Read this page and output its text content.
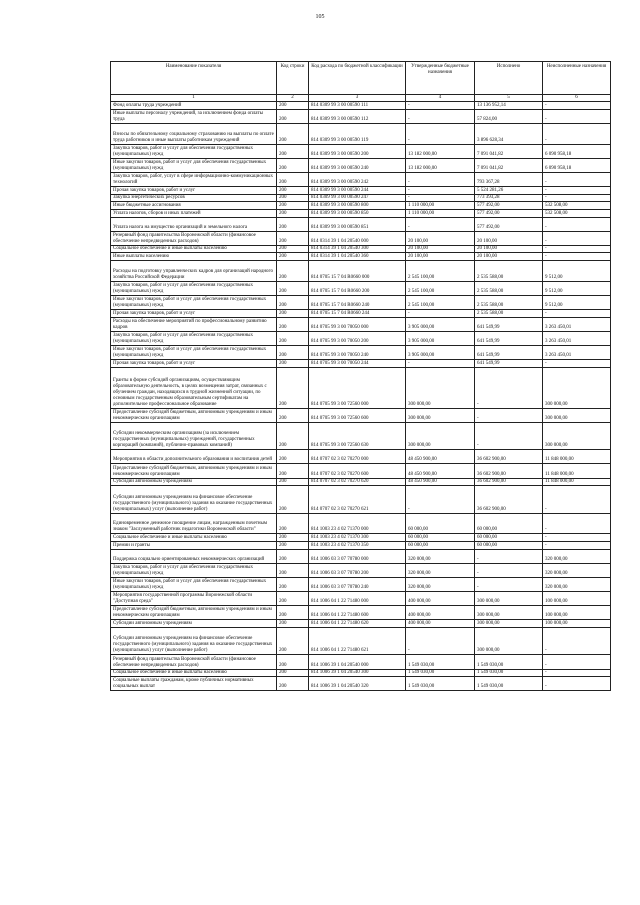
105
Наименование показателя	Код строки	Код расхода по бюджетной классификации	Утвержденные бюджетные назначения	Исполнено	Неисполненные назначения
1	2	3	4	5	6
Фонд оплаты труда учреждений	200	814 0309 99 3 00 00590 111	-	13 136 952,14	-
Иные выплаты персоналу учреждений, за исключением фонда оплаты труда	200	814 0309 99 3 00 00590 112	-	57 824,00	-
Взносы по обязательному социальному страхованию на выплаты по оплате труда работников и иные выплаты работникам учреждений	200	814 0309 99 3 00 00590 119	-	3 896 628,34	-
Закупка товаров, работ и услуг для обеспечения государственных (муниципальных) нужд	200	814 0309 99 3 00 00590 200	13 182 000,00	7 091 041,82	6 090 958,18
Иные закупки товаров, работ и услуг для обеспечения государственных (муниципальных) нужд	200	814 0309 99 3 00 00590 240	13 182 000,00	7 091 041,82	6 090 958,18
Закупка товаров, работ, услуг в сфере информационно-коммуникационных технологий	200	814 0309 99 3 00 00590 242	-	793 367,28	-
Прочая закупка товаров, работ и услуг	200	814 0309 99 3 00 00590 244	-	5 524 281,26	-
Закупка энергетических ресурсов	200	814 0309 99 3 00 00590 247	-	773 393,28	-
Иные бюджетные ассигнования	200	814 0309 99 3 00 00590 800	1 110 000,00	577 492,00	532 508,00
Уплата налогов, сборов и иных платежей	200	814 0309 99 3 00 00590 850	1 110 000,00	577 492,00	532 508,00
Уплата налога на имущество организаций и земельного налога	200	814 0309 99 3 00 00590 851	-	577 492,00	-
Резервный фонд правительства Воронежской области (финансовое обеспечение непредвиденных расходов)	200	814 0314 39 1 04 20540 000	20 100,00	20 100,00	-
Социальное обеспечение и иные выплаты населению	200	814 0314 39 1 04 20540 300	20 100,00	20 100,00	-
Иные выплаты населению	200	814 0314 39 1 04 20540 360	20 100,00	20 100,00	-
Расходы на подготовку управленческих кадров для организаций народного хозяйства Российской Федерации	200	814 0705 15 7 04 R0660 000	2 545 100,00	2 535 588,00	9 512,00
Закупка товаров, работ и услуг для обеспечения государственных (муниципальных) нужд	200	814 0705 15 7 04 R0660 200	2 545 100,00	2 535 588,00	9 512,00
Иные закупки товаров, работ и услуг для обеспечения государственных (муниципальных) нужд	200	814 0705 15 7 04 R0660 240	2 545 100,00	2 535 588,00	9 512,00
Прочая закупка товаров, работ и услуг	200	814 0705 15 7 04 R0660 244	-	2 535 588,00	-
Расходы на обеспечение мероприятий по профессиональному развитию кадров	200	814 0705 99 3 00 70050 000	3 905 000,00	641 549,99	3 263 450,01
Закупка товаров, работ и услуг для обеспечения государственных (муниципальных) нужд	200	814 0705 99 3 00 70050 200	3 905 000,00	641 549,99	3 263 450,01
Иные закупки товаров, работ и услуг для обеспечения государственных (муниципальных) нужд	200	814 0705 99 3 00 70050 240	3 905 000,00	641 549,99	3 263 450,01
Прочая закупка товаров, работ и услуг	200	814 0705 99 3 00 70050 244	-	641 549,99	-
Гранты в форме субсидий организациям, осуществляющим образовательную деятельность, в целях возмещения затрат, связанных с обучением граждан, находящихся в трудной жизненной ситуации, по основным государственным образовательным сертификатам на дополнительное профессиональное образование	200	814 0705 99 3 00 72560 000	300 000,00	-	300 000,00
Предоставление субсидий бюджетным, автономным учреждениям и иным некоммерческим организациям	200	814 0705 99 3 00 72560 600	300 000,00	-	300 000,00
Субсидии некоммерческим организациям (за исключением государственных (муниципальных) учреждений, государственных корпораций (компаний), публично-правовых компаний)	200	814 0705 99 3 00 72560 630	300 000,00	-	300 000,00
Мероприятия в области дополнительного образования и воспитания детей	200	814 0707 02 3 02 70270 000	48 450 900,00	36 602 900,00	11 848 000,00
Предоставление субсидий бюджетным, автономным учреждениям и иным некоммерческим организациям	200	814 0707 02 3 02 70270 600	48 450 900,00	36 602 900,00	11 848 000,00
Субсидии автономным учреждениям	200	814 0707 02 3 02 70270 620	48 450 900,00	36 602 900,00	11 848 000,00
Субсидии автономным учреждениям на финансовое обеспечение государственного (муниципального) задания на оказание государственных (муниципальных) услуг (выполнение работ)	200	814 0707 02 3 02 70270 621	-	36 602 900,00	-
Единовременное денежное поощрение лицам, награжденным почетным знаком "Заслуженный работник педагогики Воронежской области"	200	814 1003 23 4 02 71370 000	60 000,00	60 000,00	-
Социальное обеспечение и иные выплаты населению	200	814 1003 23 4 02 71370 300	60 000,00	60 000,00	-
Премии и гранты	200	814 1003 23 4 02 71370 350	60 000,00	60 000,00	-
Поддержка социально ориентированных некоммерческих организаций	200	814 1006 03 3 07 70780 000	320 000,00	-	320 000,00
Закупка товаров, работ и услуг для обеспечения государственных (муниципальных) нужд	200	814 1006 03 3 07 70780 200	320 000,00	-	320 000,00
Иные закупки товаров, работ и услуг для обеспечения государственных (муниципальных) нужд	200	814 1006 03 3 07 70780 240	320 000,00	-	320 000,00
Мероприятия государственной программы Воронежской области "Доступная среда"	200	814 1006 04 1 22 71480 000	400 000,00	300 000,00	100 000,00
Предоставление субсидий бюджетным, автономным учреждениям и иным некоммерческим организациям	200	814 1006 04 1 22 71480 600	400 000,00	300 000,00	100 000,00
Субсидии автономным учреждениям	200	814 1006 04 1 22 71480 620	400 000,00	300 000,00	100 000,00
Субсидии автономным учреждениям на финансовое обеспечение государственного (муниципального) задания на оказание государственных (муниципальных) услуг (выполнение работ)	200	814 1006 04 1 22 71480 621	-	300 000,00	-
Резервный фонд правительства Воронежской области (финансовое обеспечение непредвиденных расходов)	200	814 1006 39 1 04 20540 000	1 549 030,00	1 549 030,00	-
Социальное обеспечение и иные выплаты населению	200	814 1006 39 1 04 20540 300	1 549 030,00	1 549 030,00	-
Социальные выплаты гражданам, кроме публичных нормативных социальных выплат	200	814 1006 39 1 04 20540 320	1 549 030,00	1 549 030,00	-
